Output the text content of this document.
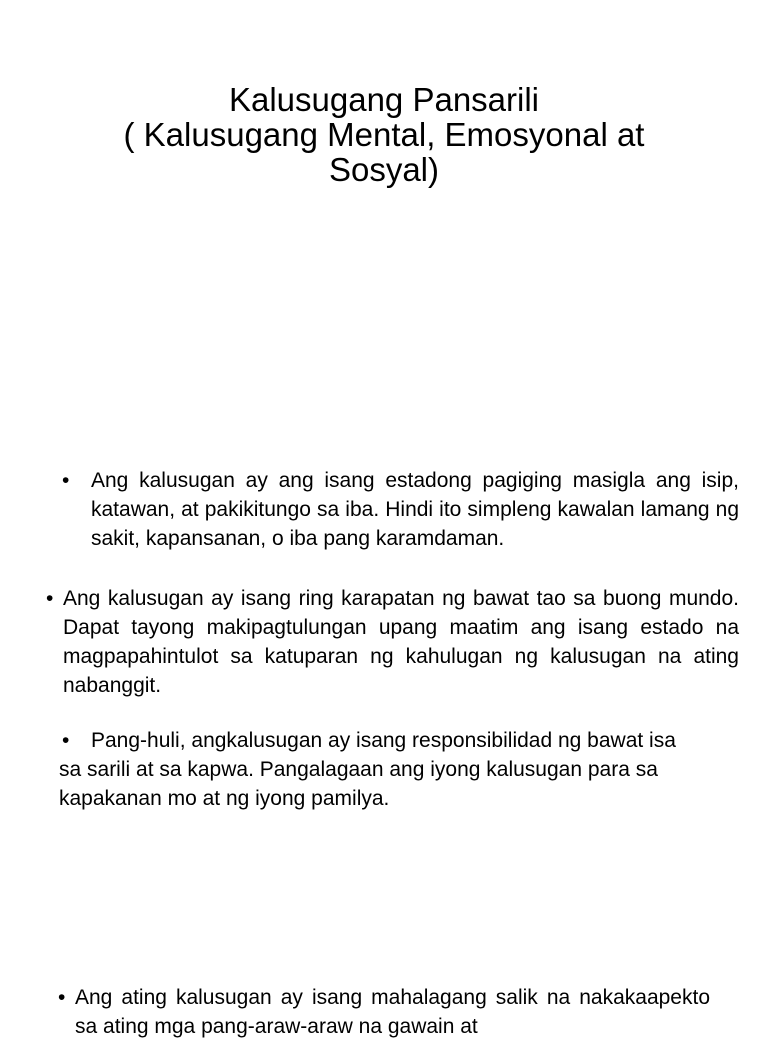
Kalusugang Pansarili
( Kalusugang Mental, Emosyonal at
Sosyal)
• Ang kalusugan ay ang isang estadong pagiging masigla ang isip, katawan, at pakikitungo sa iba. Hindi ito simpleng kawalan lamang ng sakit, kapansanan, o iba pang karamdaman.
• Ang kalusugan ay isang ring karapatan ng bawat tao sa buong mundo. Dapat tayong makipagtulungan upang maatim ang isang estado na magpapahintulot sa katuparan ng kahulugan ng kalusugan na ating nabanggit.
• Pang-huli, angkalusugan ay isang responsibilidad ng bawat isa
sa sarili at sa kapwa. Pangalagaan ang iyong kalusugan para sa
kapakanan mo at ng iyong pamilya.
• Ang ating kalusugan ay isang mahalagang salik na nakakaapekto sa ating mga pang-araw-araw na gawain at
